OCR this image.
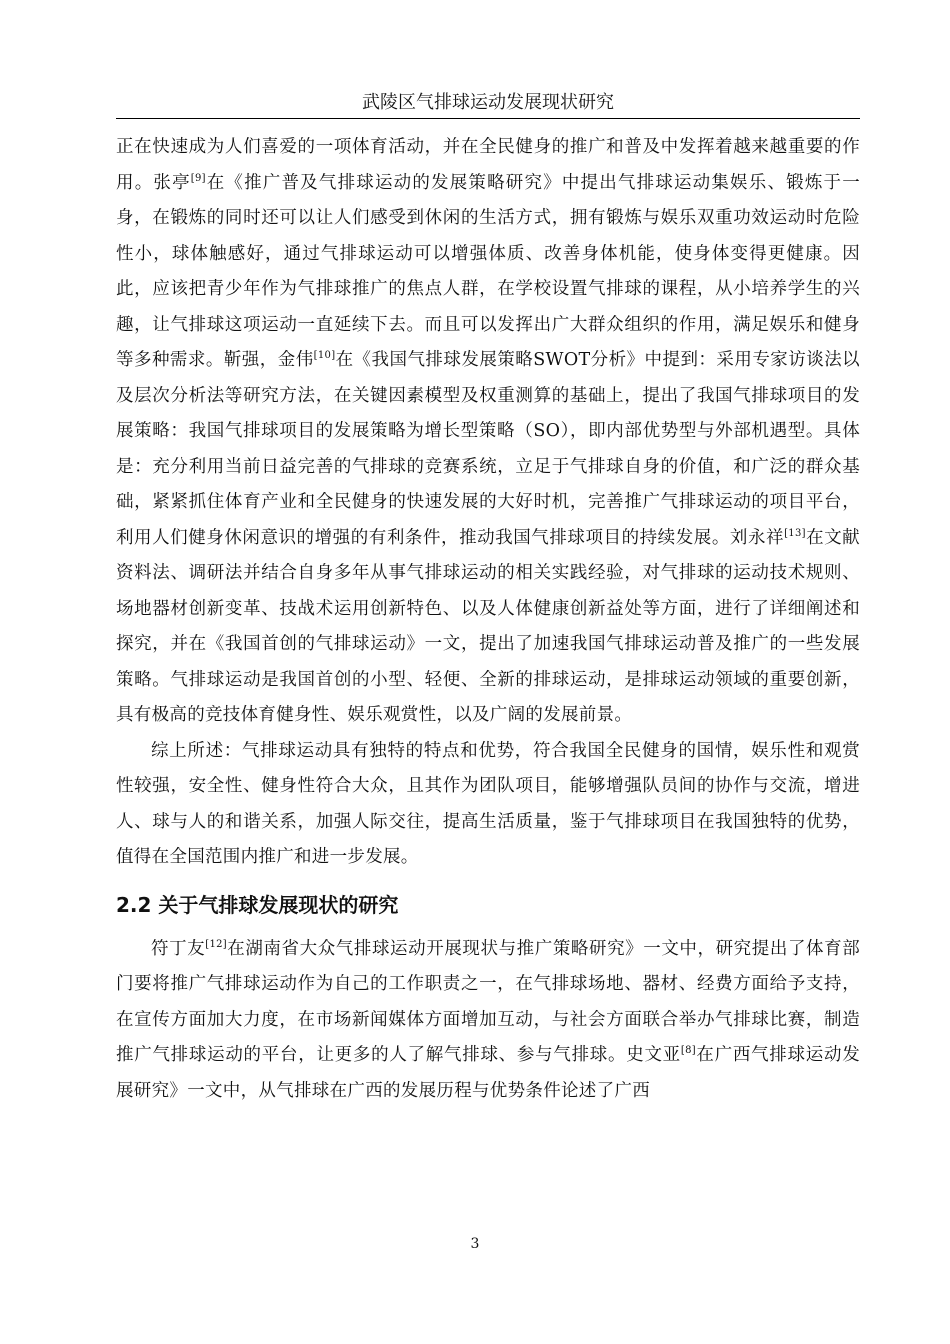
武陵区气排球运动发展现状研究

正在快速成为人们喜爱的一项体育活动，并在全民健身的推广和普及中发挥着越来越重要的作用。张亭[9]在《推广普及气排球运动的发展策略研究》中提出气排球运动集娱乐、锻炼于一身，在锻炼的同时还可以让人们感受到休闲的生活方式，拥有锻炼与娱乐双重功效运动时危险性小，球体触感好，通过气排球运动可以增强体质、改善身体机能，使身体变得更健康。因此，应该把青少年作为气排球推广的焦点人群，在学校设置气排球的课程，从小培养学生的兴趣，让气排球这项运动一直延续下去。而且可以发挥出广大群众组织的作用，满足娱乐和健身等多种需求。靳强，金伟[10]在《我国气排球发展策略SWOT分析》中提到：采用专家访谈法以及层次分析法等研究方法，在关键因素模型及权重测算的基础上，提出了我国气排球项目的发展策略：我国气排球项目的发展策略为增长型策略（SO），即内部优势型与外部机遇型。具体是：充分利用当前日益完善的气排球的竞赛系统，立足于气排球自身的价值，和广泛的群众基础，紧紧抓住体育产业和全民健身的快速发展的大好时机，完善推广气排球运动的项目平台，利用人们健身休闲意识的增强的有利条件，推动我国气排球项目的持续发展。刘永祥[13]在文献资料法、调研法并结合自身多年从事气排球运动的相关实践经验，对气排球的运动技术规则、场地器材创新变革、技战术运用创新特色、以及人体健康创新益处等方面，进行了详细阐述和探究，并在《我国首创的气排球运动》一文，提出了加速我国气排球运动普及推广的一些发展策略。气排球运动是我国首创的小型、轻便、全新的排球运动，是排球运动领域的重要创新，具有极高的竞技体育健身性、娱乐观赏性，以及广阔的发展前景。

综上所述：气排球运动具有独特的特点和优势，符合我国全民健身的国情，娱乐性和观赏性较强，安全性、健身性符合大众，且其作为团队项目，能够增强队员间的协作与交流，增进人、球与人的和谐关系，加强人际交往，提高生活质量，鉴于气排球项目在我国独特的优势，值得在全国范围内推广和进一步发展。

2.2 关于气排球发展现状的研究

符丁友[12]在湖南省大众气排球运动开展现状与推广策略研究》一文中，研究提出了体育部门要将推广气排球运动作为自己的工作职责之一，在气排球场地、器材、经费方面给予支持，在宣传方面加大力度，在市场新闻媒体方面增加互动，与社会方面联合举办气排球比赛，制造推广气排球运动的平台，让更多的人了解气排球、参与气排球。史文亚[8]在广西气排球运动发展研究》一文中，从气排球在广西的发展历程与优势条件论述了广西

3
